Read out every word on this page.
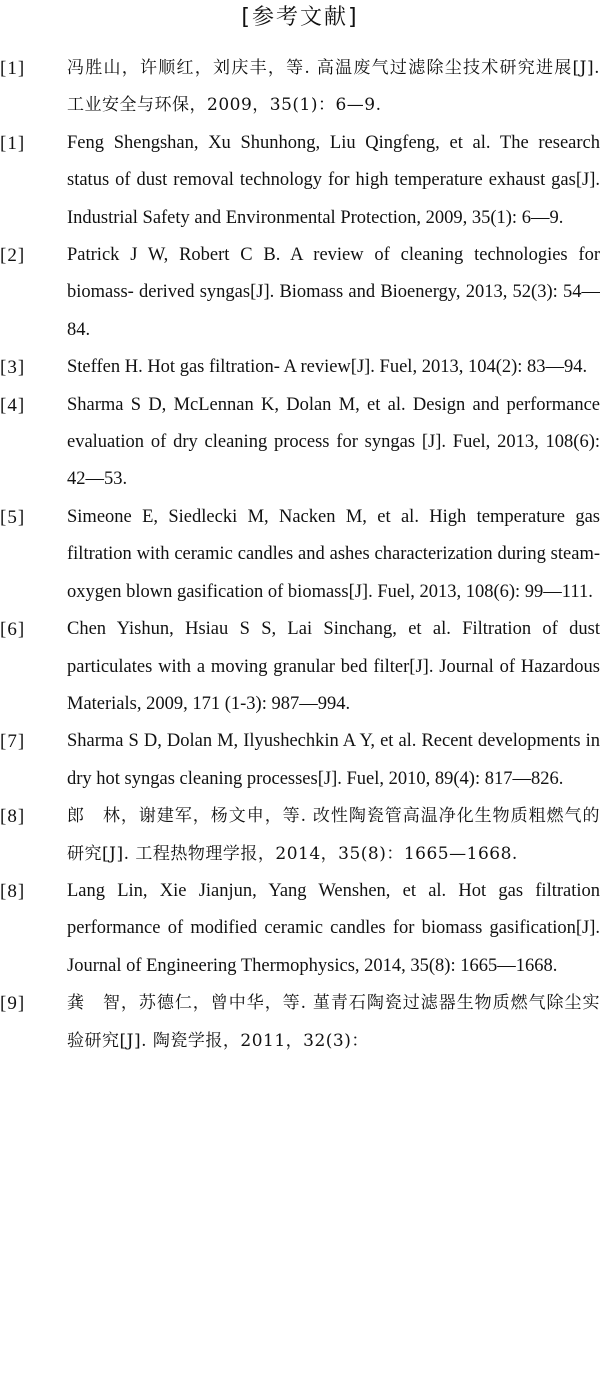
[参考文献]
[1]	冯胜山，许顺红，刘庆丰，等. 高温废气过滤除尘技术研究进展[J]. 工业安全与环保，2009，35(1)：6—9.
[1]	Feng Shengshan, Xu Shunhong, Liu Qingfeng, et al. The research status of dust removal technology for high temperature exhaust gas[J]. Industrial Safety and Environmental Protection, 2009, 35(1): 6—9.
[2]	Patrick J W, Robert C B. A review of cleaning technologies for biomass- derived syngas[J]. Biomass and Bioenergy, 2013, 52(3): 54—84.
[3]	Steffen H. Hot gas filtration- A review[J]. Fuel, 2013, 104(2): 83—94.
[4]	Sharma S D, McLennan K, Dolan M, et al. Design and performance evaluation of dry cleaning process for syngas [J]. Fuel, 2013, 108(6): 42—53.
[5]	Simeone E, Siedlecki M, Nacken M, et al. High temperature gas filtration with ceramic candles and ashes characterization during steam-oxygen blown gasification of biomass[J]. Fuel, 2013, 108(6): 99—111.
[6]	Chen Yishun, Hsiau S S, Lai Sinchang, et al. Filtration of dust particulates with a moving granular bed filter[J]. Journal of Hazardous Materials, 2009, 171 (1-3): 987—994.
[7]	Sharma S D, Dolan M, Ilyushechkin A Y, et al. Recent developments in dry hot syngas cleaning processes[J]. Fuel, 2010, 89(4): 817—826.
[8]	郎　林，谢建军，杨文申，等. 改性陶瓷管高温净化生物质粗燃气的研究[J]. 工程热物理学报，2014，35(8)：1665—1668.
[8]	Lang Lin, Xie Jianjun, Yang Wenshen, et al. Hot gas filtration performance of modified ceramic candles for biomass gasification[J]. Journal of Engineering Thermophysics, 2014, 35(8): 1665—1668.
[9]	龚　智，苏德仁，曾中华，等. 堇青石陶瓷过滤器生物质燃气除尘实验研究[J]. 陶瓷学报，2011，32(3)：
